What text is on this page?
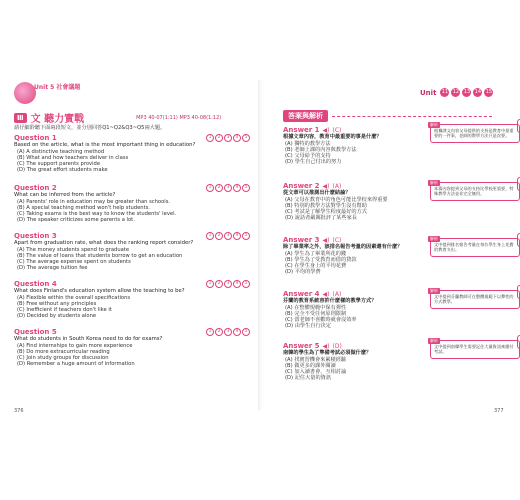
Unit 5 社會議題
Ⅲ 文 聽力實戰	MP3 40-07(1:11) MP3 40-08(1:12)
請仔細聆聽下面兩段短文，並分別回答Q1~Q2&Q3~Q5兩大題。
Question 1	1	2	3	4	5
Based on the article, what is the most important thing in education?
(A) A distinctive teaching method
(B) What and how teachers deliver in class
(C) The support parents provide
(D) The great effort students make
Question 2	1	2	3	4	5
What can be inferred from the article?
(A) Parents' role in education may be greater than schools.
(B) A special teaching method won't help students.
(C) Taking exams is the best way to know the students' level.
(D) The speaker criticizes some parents a lot.
Question 3	1	2	3	4	5
Apart from graduation rate, what does the ranking report consider?
(A) The money students spend to graduate
(B) The value of loans that students borrow to get an education
(C) The average expense spent on students
(D) The average tuition fee
Question 4	1	2	3	4	5
What does Finland's education system allow the teaching to be?
(A) Flexible within the overall specifications
(B) Free without any principles
(C) Inefficient if teachers don't like it
(D) Decided by students alone
Question 5	1	2	3	4	5
What do students in South Korea need to do for exams?
(A) Find internships to gain more experience
(B) Do more extracurricular reading
(C) Join study groups for discussion
(D) Remember a huge amount of information
376
Unit 11 12 13 14 15
答案與解析
Answer 1 ◀) (C)
根據文章內容，教育中最重要的事是什麼？
(A) 獨特的教學方法
(B) 老師上課的內容與教學方法
(C) 父母給予的支持
(D) 學生自己付出的努力
解析
根據課文內容父母提供的支持是教育中最重要的一件事，老師的教學方法只是次要。
Answer 2 ◀) (A)
從文章可以推測出什麼結論？
(A) 父母在教育中的角色可能比學校來得重要
(B) 特別的教學方法對學生沒有幫助
(C) 考試是了解學生程度最好的方式
(D) 說話者嚴厲批評了某些家長
解析
本篇內容提到父母的支持比學校更重要，特殊教學方法並非完全無用。
Answer 3 ◀) (C)
除了畢業率之外，該排名報告考量的因素還有什麼？
(A) 學生為了畢業所花的錢
(B) 學生為了受教育而借的貸款
(C) 在學生身上的平均花費
(D) 平均的學費
解析
文中提到排名報告考量在每位學生身上花費的教育支出。
Answer 4 ◀) (A)
芬蘭的教育系統容許什麼樣的教學方式？
(A) 在整體規範中保有彈性
(B) 完全不受任何原則限制
(C) 當老師不喜歡時就會沒效率
(D) 由學生自行決定
解析
文中提到芬蘭教師可在整體規範下以彈性的方式教學。
Answer 5 ◀) (D)
南韓的學生為了準備考試必須做什麼？
(A) 找實習機會來累積經驗
(B) 做更多的課外閱讀
(C) 加入讀書會，互相討論
(D) 記住大量的資訊
解析
文中提到南韓學生需要記住大量資訊來應付考試。
377
